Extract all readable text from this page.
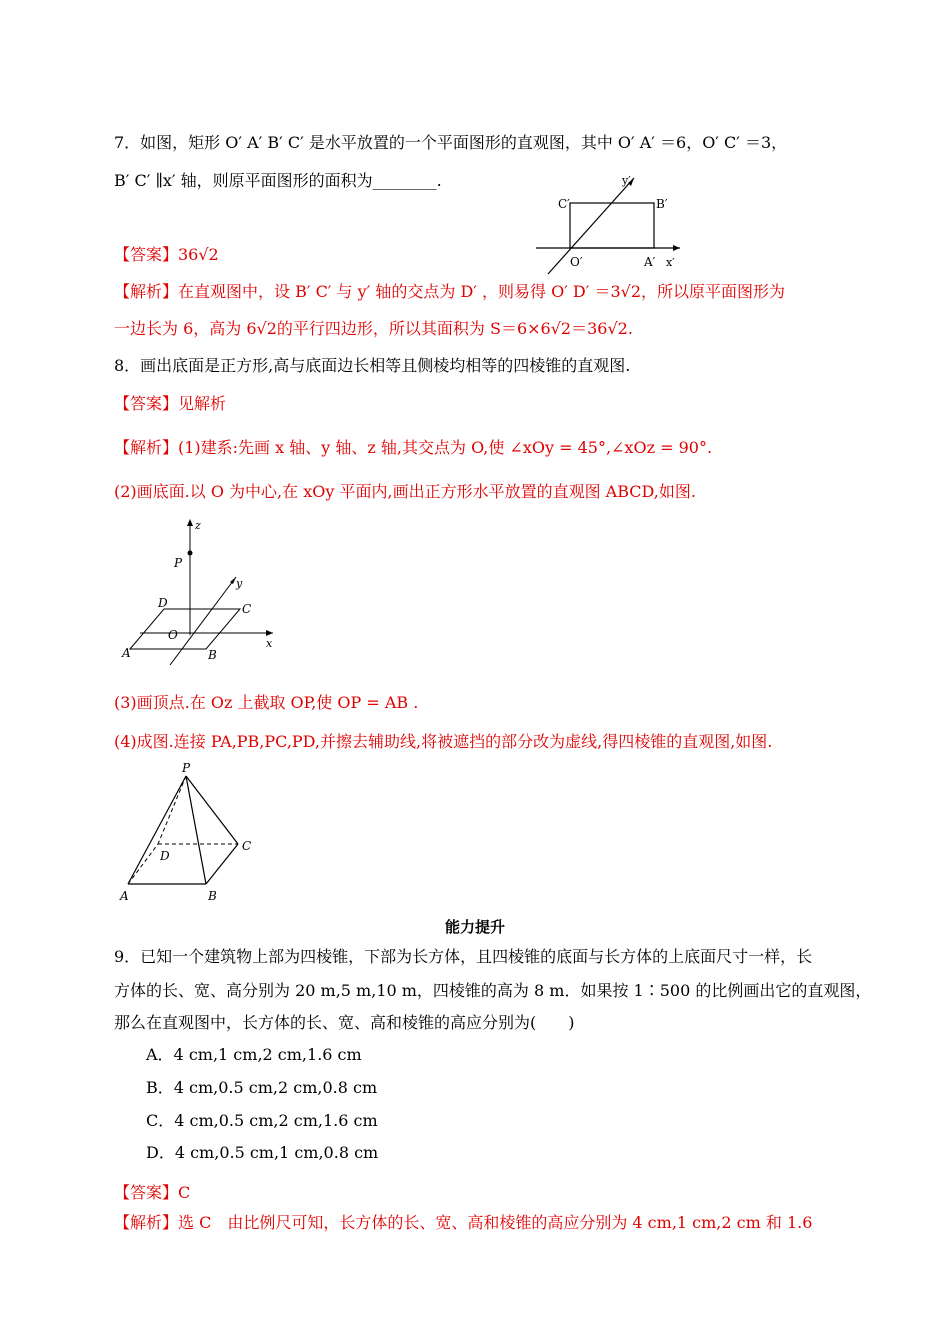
7．如图，矩形 O′ A′ B′ C′ 是水平放置的一个平面图形的直观图，其中 O′ A′ ＝6，O′ C′ ＝3，
B′ C′ ∥x′ 轴，则原平面图形的面积为________.
C′	B′
O′	A′ x′
y′
【答案】36√2
【解析】在直观图中，设 B′ C′ 与 y′ 轴的交点为 D′ ，则易得 O′ D′ ＝3√2，所以原平面图形为
一边长为 6，高为 6√2的平行四边形，所以其面积为 S＝6×6√2＝36√2.
8．画出底面是正方形,高与底面边长相等且侧棱均相等的四棱锥的直观图.
【答案】见解析
【解析】(1)建系:先画 x 轴、y 轴、z 轴,其交点为 O,使 ∠xOy = 45°,∠xOz = 90°.
(2)画底面.以 O 为中心,在 xOy 平面内,画出正方形水平放置的直观图 ABCD,如图.
z
P
y
D	C
O
x
A	B
(3)画顶点.在 Oz 上截取 OP,使 OP = AB .
(4)成图.连接 PA,PB,PC,PD,并擦去辅助线,将被遮挡的部分改为虚线,得四棱锥的直观图,如图.
P
D
C
A	B
能力提升
9．已知一个建筑物上部为四棱锥，下部为长方体，且四棱锥的底面与长方体的上底面尺寸一样，长
方体的长、宽、高分别为 20 m,5 m,10 m，四棱锥的高为 8 m．如果按 1∶500 的比例画出它的直观图，
那么在直观图中，长方体的长、宽、高和棱锥的高应分别为(　　)
A．4 cm,1 cm,2 cm,1.6 cm
B．4 cm,0.5 cm,2 cm,0.8 cm
C．4 cm,0.5 cm,2 cm,1.6 cm
D．4 cm,0.5 cm,1 cm,0.8 cm
【答案】C
【解析】选 C　由比例尺可知，长方体的长、宽、高和棱锥的高应分别为 4 cm,1 cm,2 cm 和 1.6
